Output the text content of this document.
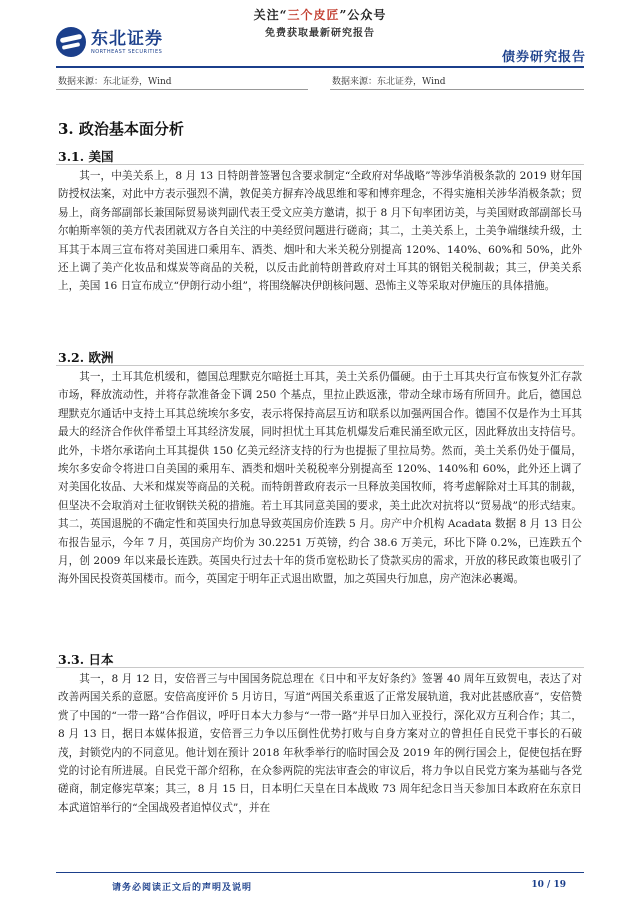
关注“三个皮匠”公众号
免费获取最新研究报告
东北证券
NORTHEAST SECURITIES	债券研究报告
数据来源：东北证券，Wind	数据来源：东北证券，Wind
3. 政治基本面分析
3.1. 美国

其一，中美关系上，8 月 13 日特朗普签署包含要求制定“全政府对华战略”等涉华消极条款的 2019 财年国防授权法案，对此中方表示强烈不满，敦促美方摒弃冷战思维和零和博弈理念，不得实施相关涉华消极条款；贸易上，商务部副部长兼国际贸易谈判副代表王受文应美方邀请，拟于 8 月下旬率团访美，与美国财政部副部长马尔帕斯率领的美方代表团就双方各自关注的中美经贸问题进行磋商；其二，土美关系上，土美争端继续升级，土耳其于本周三宣布将对美国进口乘用车、酒类、烟叶和大米关税分别提高 120%、140%、60%和 50%，此外还上调了美产化妆品和煤炭等商品的关税，以反击此前特朗普政府对土耳其的钢铝关税制裁；其三，伊美关系上，美国 16 日宣布成立“伊朗行动小组”，将围绕解决伊朗核问题、恐怖主义等采取对伊施压的具体措施。

3.2. 欧洲

其一，土耳其危机缓和，德国总理默克尔暗挺土耳其，美土关系仍僵硬。由于土耳其央行宣布恢复外汇存款市场，释放流动性，并将存款准备金下调 250 个基点，里拉止跌返涨，带动全球市场有所回升。此后，德国总理默克尔通话中支持土耳其总统埃尔多安，表示将保持高层互访和联系以加强两国合作。德国不仅是作为土耳其最大的经济合作伙伴希望土耳其经济发展，同时担忧土耳其危机爆发后难民涌至欧元区，因此释放出支持信号。此外，卡塔尔承诺向土耳其提供 150 亿美元经济支持的行为也提振了里拉局势。然而，美土关系仍处于僵局，埃尔多安命令将进口自美国的乘用车、酒类和烟叶关税税率分别提高至 120%、140%和 60%，此外还上调了对美国化妆品、大米和煤炭等商品的关税。而特朗普政府表示一旦释放美国牧师，将考虑解除对土耳其的制裁，但坚决不会取消对土征收钢铁关税的措施。若土耳其同意美国的要求，美土此次对抗将以“贸易战”的形式结束。其二，英国退脱的不确定性和英国央行加息导致英国房价连跌 5 月。房产中介机构 Acadata 数据 8 月 13 日公布报告显示，今年 7 月，英国房产均价为 30.2251 万英镑，约合 38.6 万美元，环比下降 0.2%，已连跌五个月，创 2009 年以来最长连跌。英国央行过去十年的货币宽松助长了贷款买房的需求，开放的移民政策也吸引了海外国民投资英国楼市。而今，英国定于明年正式退出欧盟，加之英国央行加息，房产泡沫必裹竭。

3.3. 日本

其一，8 月 12 日，安倍晋三与中国国务院总理在《日中和平友好条约》签署 40 周年互致贺电，表达了对改善两国关系的意愿。安倍高度评价 5 月访日，写道“两国关系重返了正常发展轨道，我对此甚感欣喜”，安倍赞赏了中国的“一带一路”合作倡议，呼吁日本大力参与“一带一路”并早日加入亚投行，深化双方互利合作；其二，8 月 13 日，据日本媒体报道，安倍晋三力争以压倒性优势打败与自身方案对立的曾担任自民党干事长的石破茂，封锁党内的不同意见。他计划在预计 2018 年秋季举行的临时国会及 2019 年的例行国会上，促使包括在野党的讨论有所进展。自民党干部介绍称，在众参两院的宪法审查会的审议后，将力争以自民党方案为基础与各党磋商，制定修宪草案；其三，8 月 15 日，日本明仁天皇在日本战败 73 周年纪念日当天参加日本政府在东京日本武道馆举行的“全国战殁者追悼仪式”，并在

请务必阅读正文后的声明及说明	10 / 19
